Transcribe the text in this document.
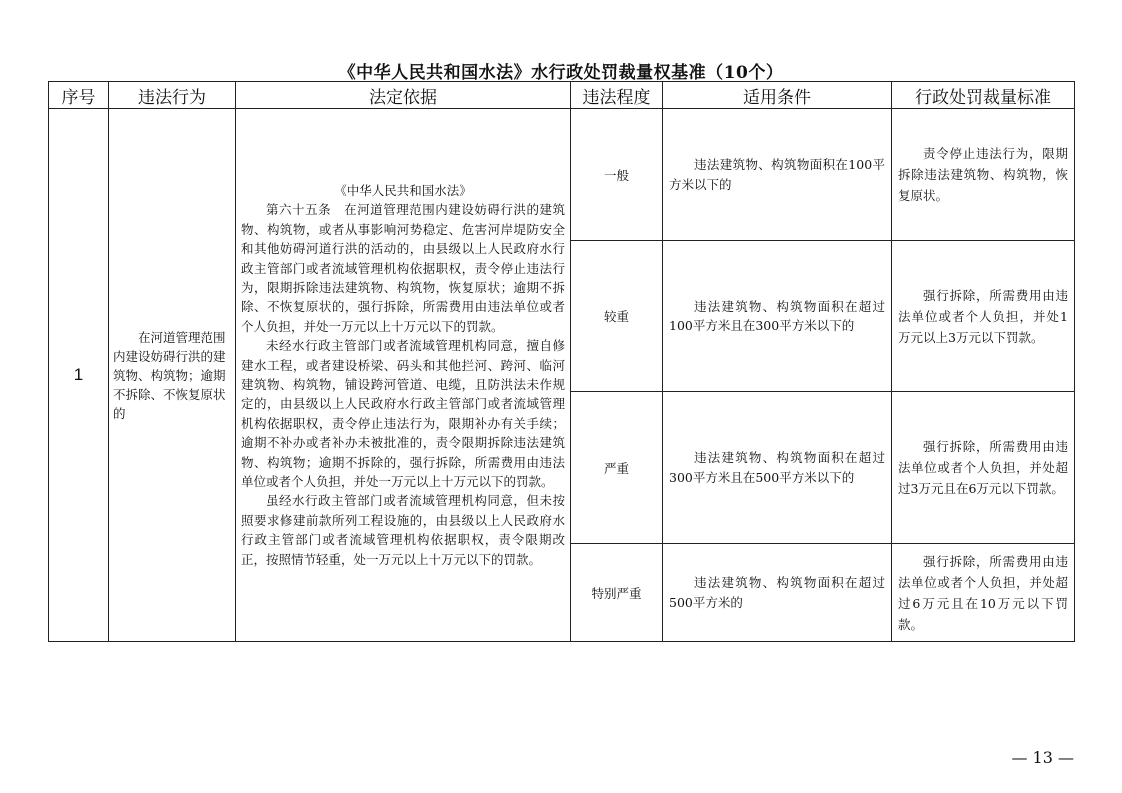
《中华人民共和国水法》水行政处罚裁量权基准（10个）
序号	违法行为	法定依据	违法程度	适用条件	行政处罚裁量标准
1	在河道管理范围内建设妨碍行洪的建筑物、构筑物；逾期不拆除、不恢复原状的	《中华人民共和国水法》

第六十五条　在河道管理范围内建设妨碍行洪的建筑物、构筑物，或者从事影响河势稳定、危害河岸堤防安全和其他妨碍河道行洪的活动的，由县级以上人民政府水行政主管部门或者流域管理机构依据职权，责令停止违法行为，限期拆除违法建筑物、构筑物，恢复原状；逾期不拆除、不恢复原状的，强行拆除，所需费用由违法单位或者个人负担，并处一万元以上十万元以下的罚款。

未经水行政主管部门或者流域管理机构同意，擅自修建水工程，或者建设桥梁、码头和其他拦河、跨河、临河建筑物、构筑物，铺设跨河管道、电缆，且防洪法未作规定的，由县级以上人民政府水行政主管部门或者流域管理机构依据职权，责令停止违法行为，限期补办有关手续；逾期不补办或者补办未被批准的，责令限期拆除违法建筑物、构筑物；逾期不拆除的，强行拆除，所需费用由违法单位或者个人负担，并处一万元以上十万元以下的罚款。

虽经水行政主管部门或者流域管理机构同意，但未按照要求修建前款所列工程设施的，由县级以上人民政府水行政主管部门或者流域管理机构依据职权，责令限期改正，按照情节轻重，处一万元以上十万元以下的罚款。	一般	违法建筑物、构筑物面积在100平方米以下的	责令停止违法行为，限期拆除违法建筑物、构筑物，恢复原状。

			较重	违法建筑物、构筑物面积在超过100平方米且在300平方米以下的	强行拆除，所需费用由违法单位或者个人负担，并处1万元以上3万元以下罚款。

			严重	违法建筑物、构筑物面积在超过300平方米且在500平方米以下的	强行拆除，所需费用由违法单位或者个人负担，并处超过3万元且在6万元以下罚款。

			特别严重	违法建筑物、构筑物面积在超过500平方米的	强行拆除，所需费用由违法单位或者个人负担，并处超过6万元且在10万元以下罚款。
— 13 —
